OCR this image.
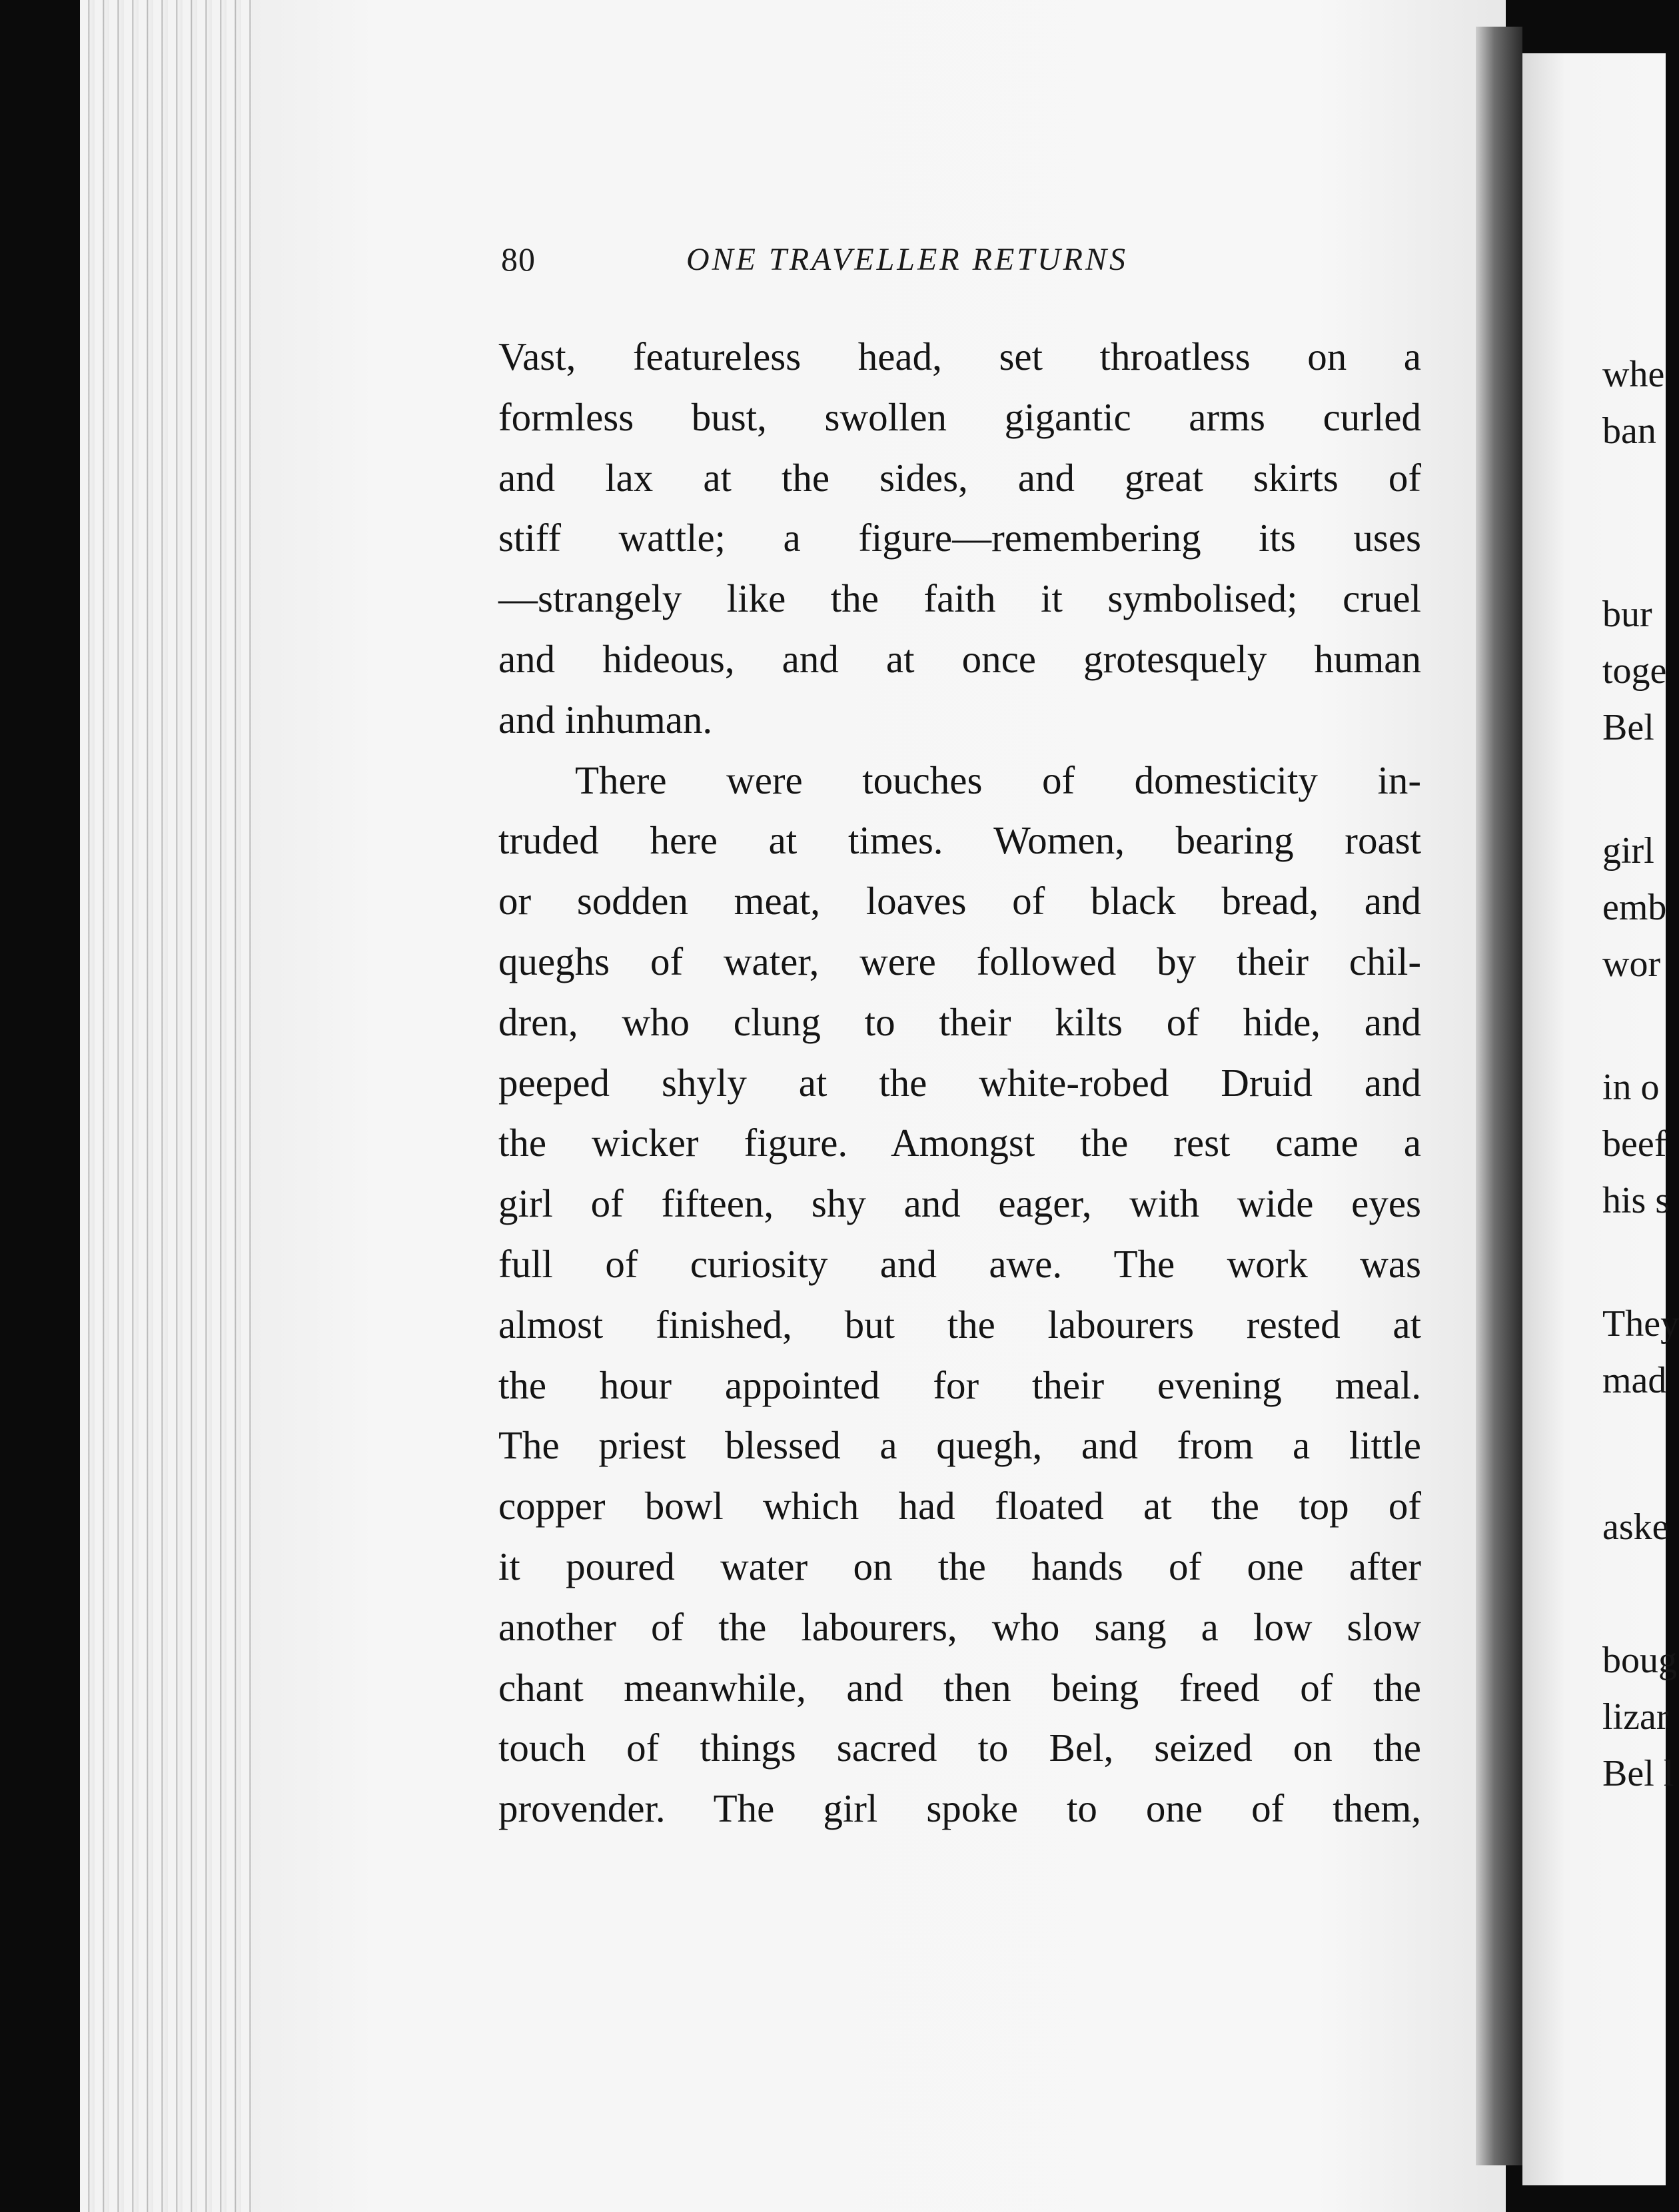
whe
ban
bur
toge
Bel
girl
emb
wor
in o
beef
his s
They
mad
aske
boug
lizar
Bel l
80	ONE TRAVELLER RETURNS
Vast, featureless head, set throatless on a
formless bust, swollen gigantic arms curled
and lax at the sides, and great skirts of
stiff wattle; a figure—remembering its uses
—strangely like the faith it symbolised; cruel
and hideous, and at once grotesquely human
and inhuman.
There were touches of domesticity in-
truded here at times. Women, bearing roast
or sodden meat, loaves of black bread, and
queghs of water, were followed by their chil-
dren, who clung to their kilts of hide, and
peeped shyly at the white-robed Druid and
the wicker figure. Amongst the rest came a
girl of fifteen, shy and eager, with wide eyes
full of curiosity and awe. The work was
almost finished, but the labourers rested at
the hour appointed for their evening meal.
The priest blessed a quegh, and from a little
copper bowl which had floated at the top of
it poured water on the hands of one after
another of the labourers, who sang a low slow
chant meanwhile, and then being freed of the
touch of things sacred to Bel, seized on the
provender. The girl spoke to one of them,
